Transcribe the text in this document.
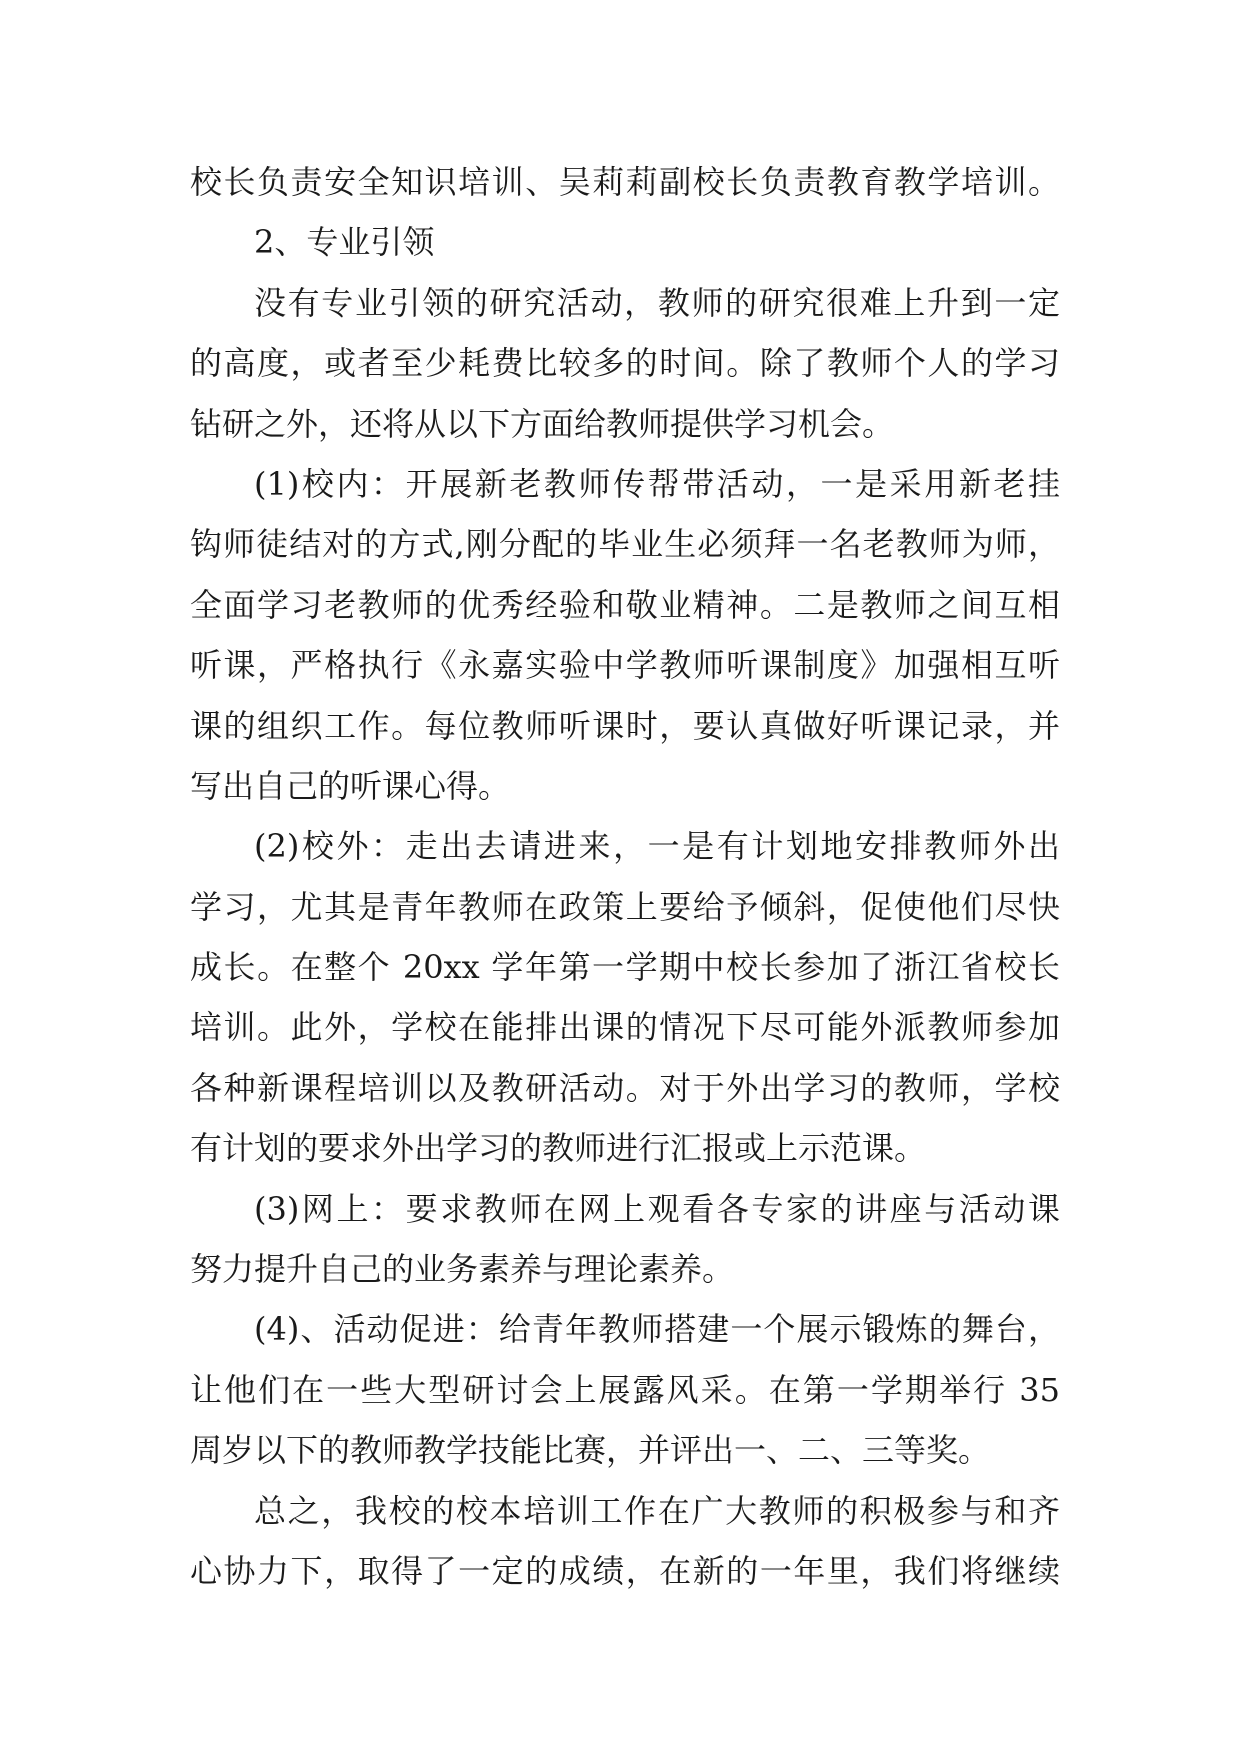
校长负责安全知识培训、吴莉莉副校长负责教育教学培训。
2、专业引领
没有专业引领的研究活动，教师的研究很难上升到一定
的高度，或者至少耗费比较多的时间。除了教师个人的学习
钻研之外，还将从以下方面给教师提供学习机会。
(1)校内：开展新老教师传帮带活动，一是采用新老挂
钩师徒结对的方式,刚分配的毕业生必须拜一名老教师为师，
全面学习老教师的优秀经验和敬业精神。二是教师之间互相
听课，严格执行《永嘉实验中学教师听课制度》加强相互听
课的组织工作。每位教师听课时，要认真做好听课记录，并
写出自己的听课心得。
(2)校外：走出去请进来，一是有计划地安排教师外出
学习，尤其是青年教师在政策上要给予倾斜，促使他们尽快
成长。在整个 20xx 学年第一学期中校长参加了浙江省校长
培训。此外，学校在能排出课的情况下尽可能外派教师参加
各种新课程培训以及教研活动。对于外出学习的教师，学校
有计划的要求外出学习的教师进行汇报或上示范课。
(3)网上：要求教师在网上观看各专家的讲座与活动课
努力提升自己的业务素养与理论素养。
(4)、活动促进：给青年教师搭建一个展示锻炼的舞台，
让他们在一些大型研讨会上展露风采。在第一学期举行 35
周岁以下的教师教学技能比赛，并评出一、二、三等奖。
总之，我校的校本培训工作在广大教师的积极参与和齐
心协力下，取得了一定的成绩，在新的一年里，我们将继续
